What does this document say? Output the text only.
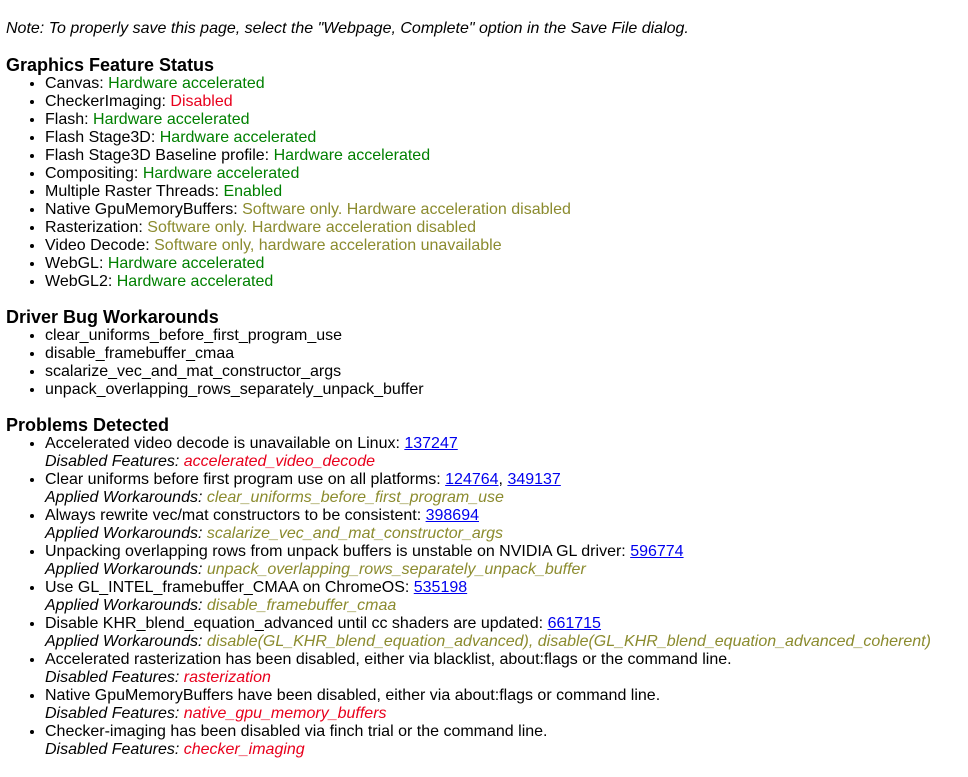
Note: To properly save this page, select the "Webpage, Complete" option in the Save File dialog.
Graphics Feature Status
• Canvas: Hardware accelerated
• CheckerImaging: Disabled
• Flash: Hardware accelerated
• Flash Stage3D: Hardware accelerated
• Flash Stage3D Baseline profile: Hardware accelerated
• Compositing: Hardware accelerated
• Multiple Raster Threads: Enabled
• Native GpuMemoryBuffers: Software only. Hardware acceleration disabled
• Rasterization: Software only. Hardware acceleration disabled
• Video Decode: Software only, hardware acceleration unavailable
• WebGL: Hardware accelerated
• WebGL2: Hardware accelerated
Driver Bug Workarounds
• clear_uniforms_before_first_program_use
• disable_framebuffer_cmaa
• scalarize_vec_and_mat_constructor_args
• unpack_overlapping_rows_separately_unpack_buffer
Problems Detected
• Accelerated video decode is unavailable on Linux: 137247
Disabled Features: accelerated_video_decode
• Clear uniforms before first program use on all platforms: 124764, 349137
Applied Workarounds: clear_uniforms_before_first_program_use
• Always rewrite vec/mat constructors to be consistent: 398694
Applied Workarounds: scalarize_vec_and_mat_constructor_args
• Unpacking overlapping rows from unpack buffers is unstable on NVIDIA GL driver: 596774
Applied Workarounds: unpack_overlapping_rows_separately_unpack_buffer
• Use GL_INTEL_framebuffer_CMAA on ChromeOS: 535198
Applied Workarounds: disable_framebuffer_cmaa
• Disable KHR_blend_equation_advanced until cc shaders are updated: 661715
Applied Workarounds: disable(GL_KHR_blend_equation_advanced), disable(GL_KHR_blend_equation_advanced_coherent)
• Accelerated rasterization has been disabled, either via blacklist, about:flags or the command line.
Disabled Features: rasterization
• Native GpuMemoryBuffers have been disabled, either via about:flags or command line.
Disabled Features: native_gpu_memory_buffers
• Checker-imaging has been disabled via finch trial or the command line.
Disabled Features: checker_imaging
